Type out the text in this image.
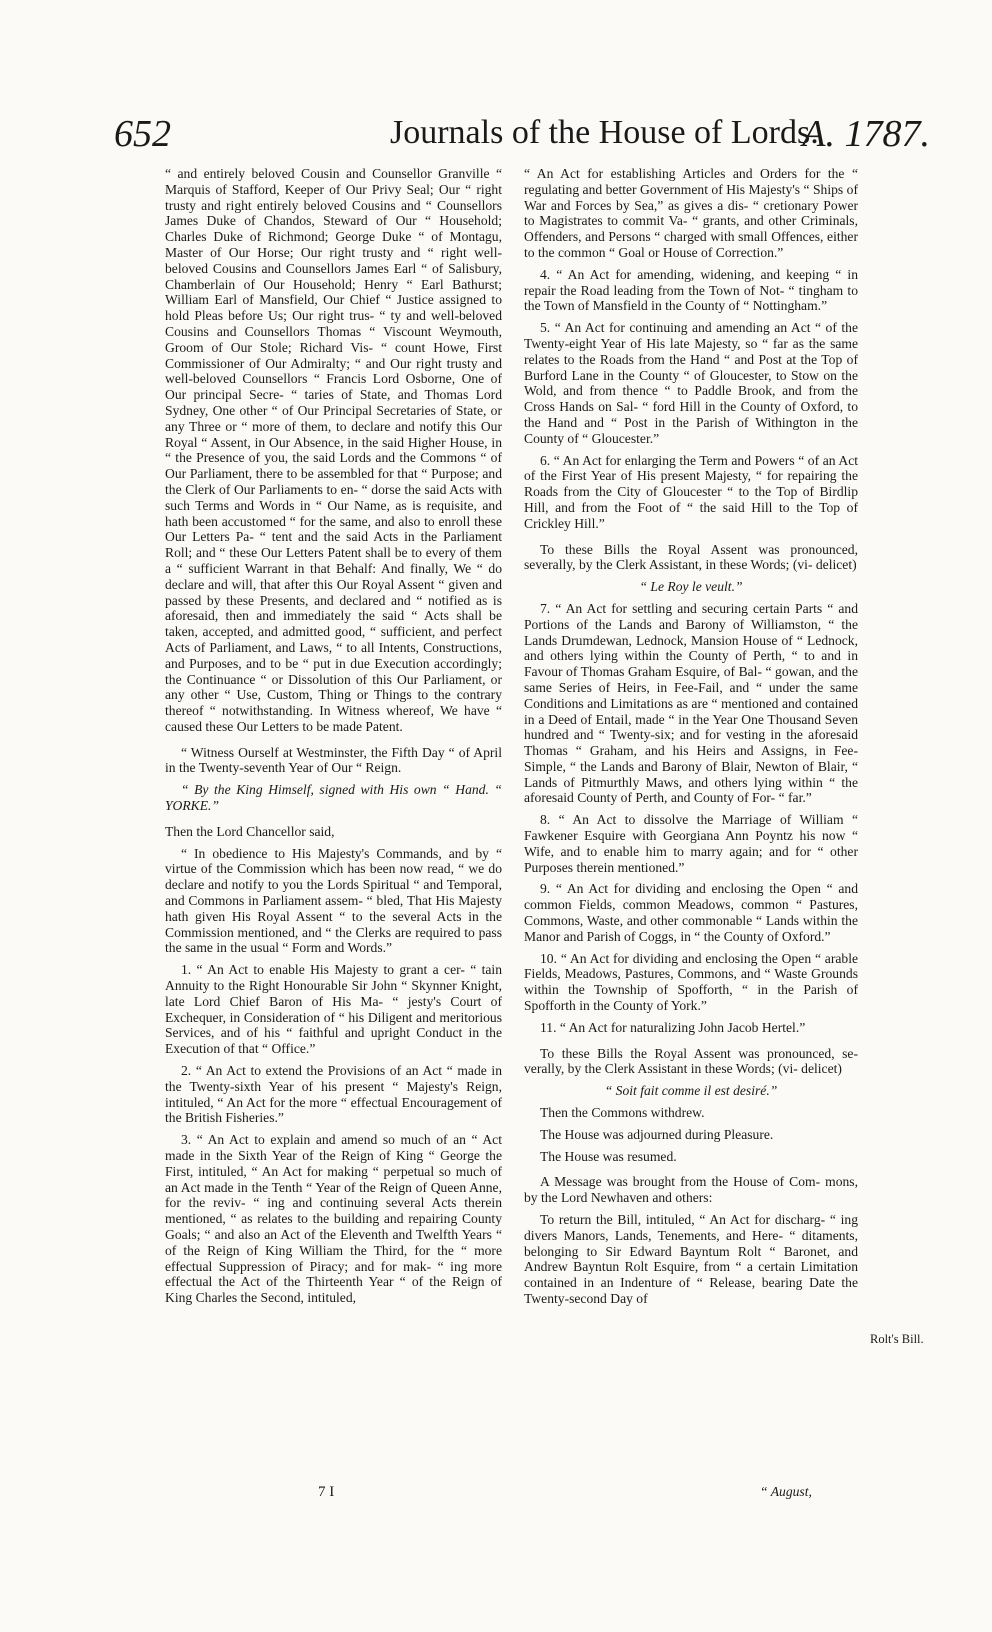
652	Journals of the House of Lords.
A. 1787.

“ and entirely beloved Cousin and Counsellor Granville “ Marquis of Stafford, Keeper of Our Privy Seal; Our “ right trusty and right entirely beloved Cousins and “ Counsellors James Duke of Chandos, Steward of Our “ Household; Charles Duke of Richmond; George Duke “ of Montagu, Master of Our Horse; Our right trusty and “ right well-beloved Cousins and Counsellors James Earl “ of Salisbury, Chamberlain of Our Household; Henry “ Earl Bathurst; William Earl of Mansfield, Our Chief “ Justice assigned to hold Pleas before Us; Our right trus- “ ty and well-beloved Cousins and Counsellors Thomas “ Viscount Weymouth, Groom of Our Stole; Richard Vis- “ count Howe, First Commissioner of Our Admiralty; “ and Our right trusty and well-beloved Counsellors “ Francis Lord Osborne, One of Our principal Secre- “ taries of State, and Thomas Lord Sydney, One other “ of Our Principal Secretaries of State, or any Three or “ more of them, to declare and notify this Our Royal “ Assent, in Our Absence, in the said Higher House, in “ the Presence of you, the said Lords and the Commons “ of Our Parliament, there to be assembled for that “ Purpose; and the Clerk of Our Parliaments to en- “ dorse the said Acts with such Terms and Words in “ Our Name, as is requisite, and hath been accustomed “ for the same, and also to enroll these Our Letters Pa- “ tent and the said Acts in the Parliament Roll; and “ these Our Letters Patent shall be to every of them a “ sufficient Warrant in that Behalf: And finally, We “ do declare and will, that after this Our Royal Assent “ given and passed by these Presents, and declared and “ notified as is aforesaid, then and immediately the said “ Acts shall be taken, accepted, and admitted good, “ sufficient, and perfect Acts of Parliament, and Laws, “ to all Intents, Constructions, and Purposes, and to be “ put in due Execution accordingly; the Continuance “ or Dissolution of this Our Parliament, or any other “ Use, Custom, Thing or Things to the contrary thereof “ notwithstanding. In Witness whereof, We have “ caused these Our Letters to be made Patent.

“ Witness Ourself at Westminster, the Fifth Day “ of April in the Twenty-seventh Year of Our “ Reign.

“ By the King Himself, signed with His own “ Hand. “ YORKE.”

Then the Lord Chancellor said,

“ In obedience to His Majesty's Commands, and by “ virtue of the Commission which has been now read, “ we do declare and notify to you the Lords Spiritual “ and Temporal, and Commons in Parliament assem- “ bled, That His Majesty hath given His Royal Assent “ to the several Acts in the Commission mentioned, and “ the Clerks are required to pass the same in the usual “ Form and Words.”

1. “ An Act to enable His Majesty to grant a cer- “ tain Annuity to the Right Honourable Sir John “ Skynner Knight, late Lord Chief Baron of His Ma- “ jesty's Court of Exchequer, in Consideration of “ his Diligent and meritorious Services, and of his “ faithful and upright Conduct in the Execution of that “ Office.”

2. “ An Act to extend the Provisions of an Act “ made in the Twenty-sixth Year of his present “ Majesty's Reign, intituled, “ An Act for the more “ effectual Encouragement of the British Fisheries.”

3. “ An Act to explain and amend so much of an “ Act made in the Sixth Year of the Reign of King “ George the First, intituled, “ An Act for making “ perpetual so much of an Act made in the Tenth “ Year of the Reign of Queen Anne, for the reviv- “ ing and continuing several Acts therein mentioned, “ as relates to the building and repairing County Goals; “ and also an Act of the Eleventh and Twelfth Years “ of the Reign of King William the Third, for the “ more effectual Suppression of Piracy; and for mak- “ ing more effectual the Act of the Thirteenth Year “ of the Reign of King Charles the Second, intituled,

“ An Act for establishing Articles and Orders for the “ regulating and better Government of His Majesty's “ Ships of War and Forces by Sea,” as gives a dis- “ cretionary Power to Magistrates to commit Va- “ grants, and other Criminals, Offenders, and Persons “ charged with small Offences, either to the common “ Goal or House of Correction.”

4. “ An Act for amending, widening, and keeping “ in repair the Road leading from the Town of Not- “ tingham to the Town of Mansfield in the County of “ Nottingham.”

5. “ An Act for continuing and amending an Act “ of the Twenty-eight Year of His late Majesty, so “ far as the same relates to the Roads from the Hand “ and Post at the Top of Burford Lane in the County “ of Gloucester, to Stow on the Wold, and from thence “ to Paddle Brook, and from the Cross Hands on Sal- “ ford Hill in the County of Oxford, to the Hand and “ Post in the Parish of Withington in the County of “ Gloucester.”

6. “ An Act for enlarging the Term and Powers “ of an Act of the First Year of His present Majesty, “ for repairing the Roads from the City of Gloucester “ to the Top of Birdlip Hill, and from the Foot of “ the said Hill to the Top of Crickley Hill.”

To these Bills the Royal Assent was pronounced, severally, by the Clerk Assistant, in these Words; (vi- delicet)

“ Le Roy le veult.”

7. “ An Act for settling and securing certain Parts “ and Portions of the Lands and Barony of Williamston, “ the Lands Drumdewan, Lednock, Mansion House of “ Lednock, and others lying within the County of Perth, “ to and in Favour of Thomas Graham Esquire, of Bal- “ gowan, and the same Series of Heirs, in Fee-Fail, and “ under the same Conditions and Limitations as are “ mentioned and contained in a Deed of Entail, made “ in the Year One Thousand Seven hundred and “ Twenty-six; and for vesting in the aforesaid Thomas “ Graham, and his Heirs and Assigns, in Fee-Simple, “ the Lands and Barony of Blair, Newton of Blair, “ Lands of Pitmurthly Maws, and others lying within “ the aforesaid County of Perth, and County of For- “ far.”

8. “ An Act to dissolve the Marriage of William “ Fawkener Esquire with Georgiana Ann Poyntz his now “ Wife, and to enable him to marry again; and for “ other Purposes therein mentioned.”

9. “ An Act for dividing and enclosing the Open “ and common Fields, common Meadows, common “ Pastures, Commons, Waste, and other commonable “ Lands within the Manor and Parish of Coggs, in “ the County of Oxford.”

10. “ An Act for dividing and enclosing the Open “ arable Fields, Meadows, Pastures, Commons, and “ Waste Grounds within the Township of Spofforth, “ in the Parish of Spofforth in the County of York.”

11. “ An Act for naturalizing John Jacob Hertel.”

To these Bills the Royal Assent was pronounced, se- verally, by the Clerk Assistant in these Words; (vi- delicet)

“ Soit fait comme il est desiré.”

Then the Commons withdrew.

The House was adjourned during Pleasure.

The House was resumed.

A Message was brought from the House of Com- mons, by the Lord Newhaven and others:

To return the Bill, intituled, “ An Act for discharg- “ ing divers Manors, Lands, Tenements, and Here- “ ditaments, belonging to Sir Edward Bayntum Rolt “ Baronet, and Andrew Bayntun Rolt Esquire, from “ a certain Limitation contained in an Indenture of “ Release, bearing Date the Twenty-second Day of

Rolt's Bill.
7 I	“ August,
